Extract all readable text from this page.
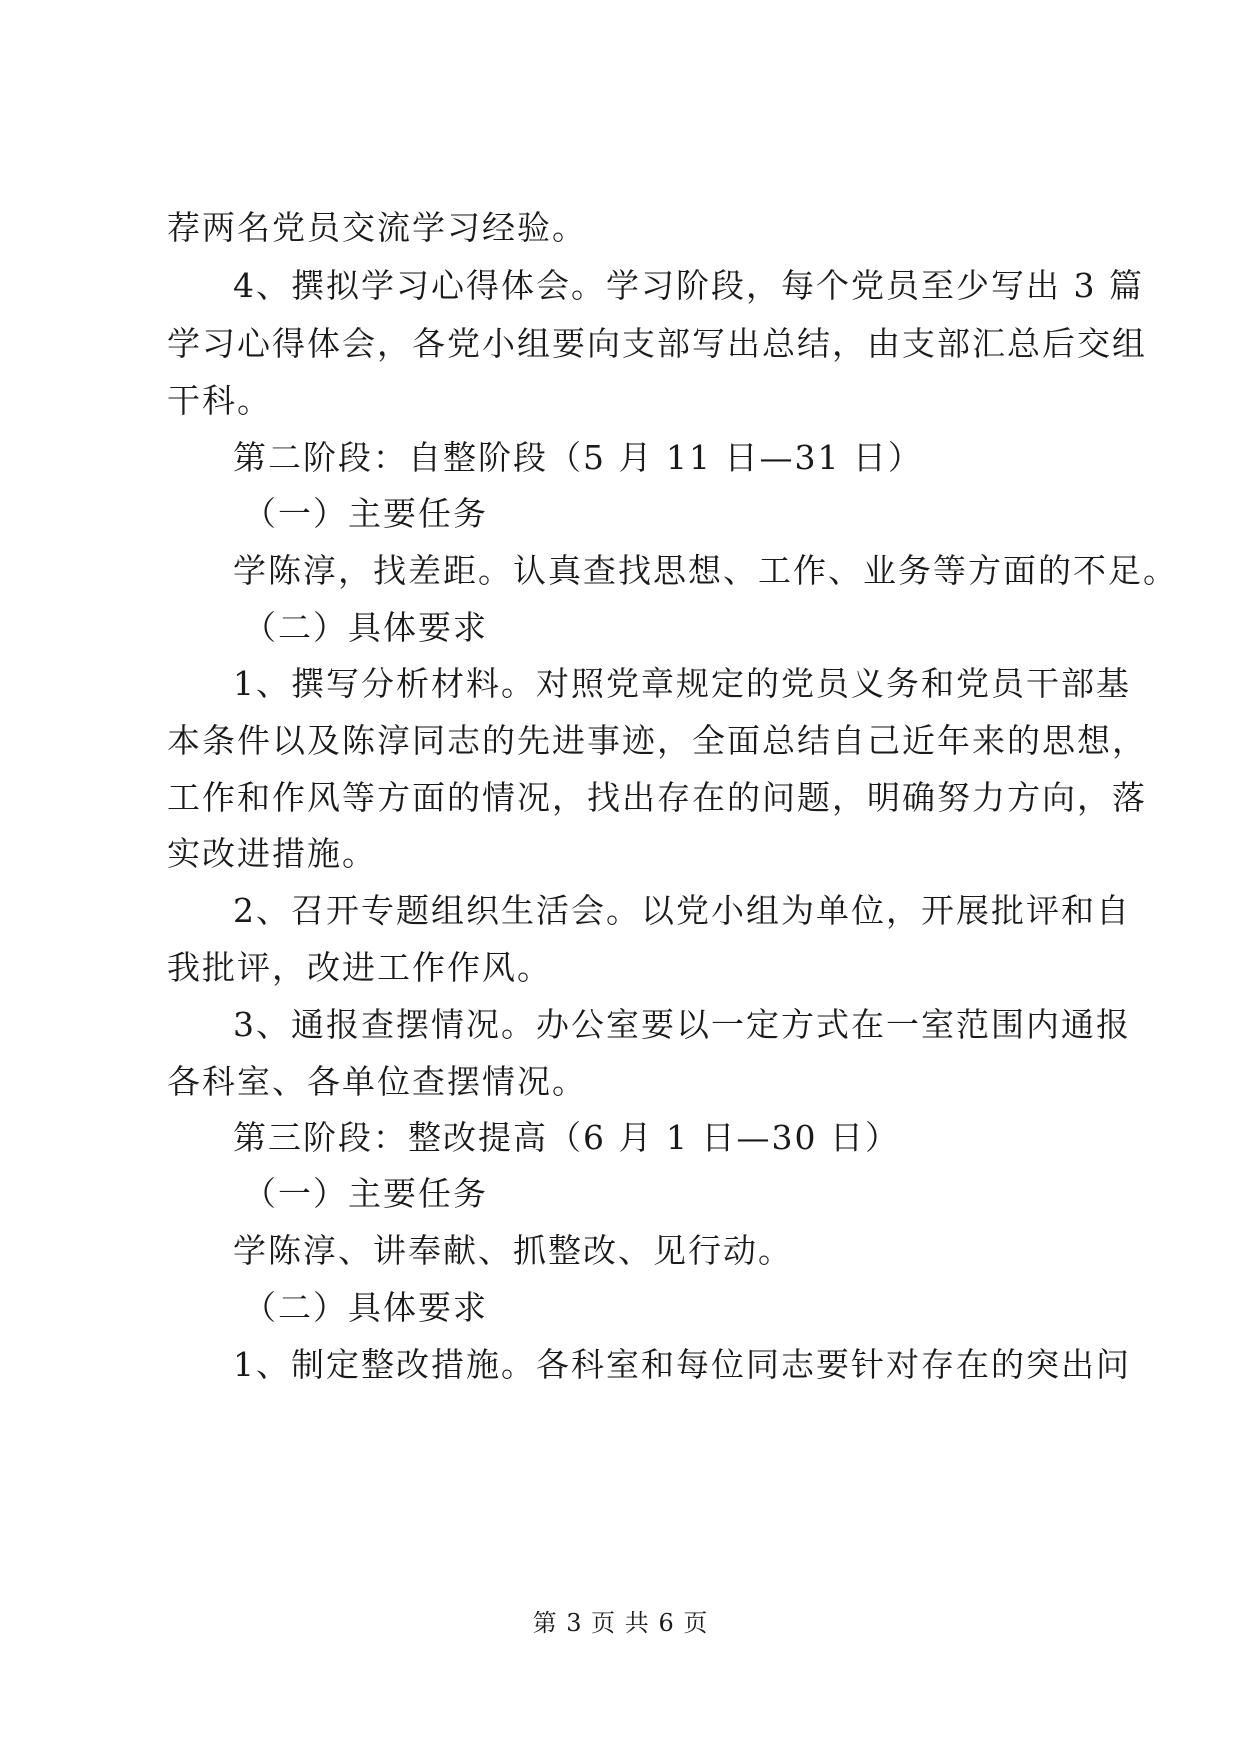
荐两名党员交流学习经验。
4、撰拟学习心得体会。学习阶段，每个党员至少写出 3 篇
学习心得体会，各党小组要向支部写出总结，由支部汇总后交组
干科。
第二阶段：自整阶段（5 月 11 日—31 日）
（一）主要任务
学陈淳，找差距。认真查找思想、工作、业务等方面的不足。
（二）具体要求
1、撰写分析材料。对照党章规定的党员义务和党员干部基
本条件以及陈淳同志的先进事迹，全面总结自己近年来的思想，
工作和作风等方面的情况，找出存在的问题，明确努力方向，落
实改进措施。
2、召开专题组织生活会。以党小组为单位，开展批评和自
我批评，改进工作作风。
3、通报查摆情况。办公室要以一定方式在一室范围内通报
各科室、各单位查摆情况。
第三阶段：整改提高（6 月 1 日—30 日）
（一）主要任务
学陈淳、讲奉献、抓整改、见行动。
（二）具体要求
1、制定整改措施。各科室和每位同志要针对存在的突出问
第 3 页 共 6 页
